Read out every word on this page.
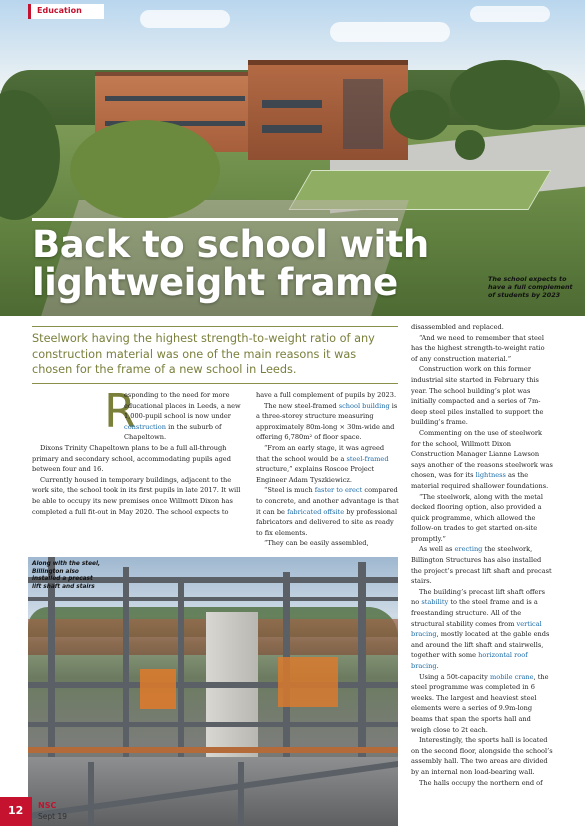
Education
Back to school with lightweight frame	The school expects to have a full complement of students by 2023

Steelwork having the highest strength-to-weight ratio of any construction material was one of the main reasons it was chosen for the frame of a new school in Leeds.

R

esponding to the need for more educational places in Leeds, a new 1,000-pupil school is now under construction in the suburb of Chapeltown.

Dixons Trinity Chapeltown plans to be a full all-through primary and secondary school, accommodating pupils aged between four and 16.

Currently housed in temporary buildings, adjacent to the work site, the school took in its first pupils in late 2017. It will be able to occupy its new premises once Willmott Dixon has completed a full fit-out in May 2020. The school expects to

have a full complement of pupils by 2023.

The new steel-framed school building is a three-storey structure measuring approximately 80m-long × 30m-wide and offering 6,780m² of floor space.

“From an early stage, it was agreed that the school would be a steel-framed structure,” explains Roscoe Project Engineer Adam Tyszkiewicz.

“Steel is much faster to erect compared to concrete, and another advantage is that it can be fabricated offsite by professional fabricators and delivered to site as ready to fix elements.

“They can be easily assembled,

disassembled and replaced.

“And we need to remember that steel has the highest strength-to-weight ratio of any construction material.”

Construction work on this former industrial site started in February this year. The school building’s plot was initially compacted and a series of 7m-deep steel piles installed to support the building’s frame.

Commenting on the use of steelwork for the school, Willmott Dixon Construction Manager Lianne Lawson says another of the reasons steelwork was chosen, was for its lightness as the material required shallower foundations.

“The steelwork, along with the metal decked flooring option, also provided a quick programme, which allowed the follow-on trades to get started on-site promptly.”

As well as erecting the steelwork, Billington Structures has also installed the project’s precast lift shaft and precast stairs.

The building’s precast lift shaft offers no stability to the steel frame and is a freestanding structure. All of the structural stability comes from vertical bracing, mostly located at the gable ends and around the lift shaft and stairwells, together with some horizontal roof bracing.

Using a 50t-capacity mobile crane, the steel programme was completed in 6 weeks. The largest and heaviest steel elements were a series of 9.9m-long beams that span the sports hall and weigh close to 2t each.

Interestingly, the sports hall is located on the second floor, alongside the school’s assembly hall. The two areas are divided by an internal non load-bearing wall.

The halls occupy the northern end of

Along with the steel, Billington also installed a precast lift shaft and stairs
12 NSC
Sept 19
